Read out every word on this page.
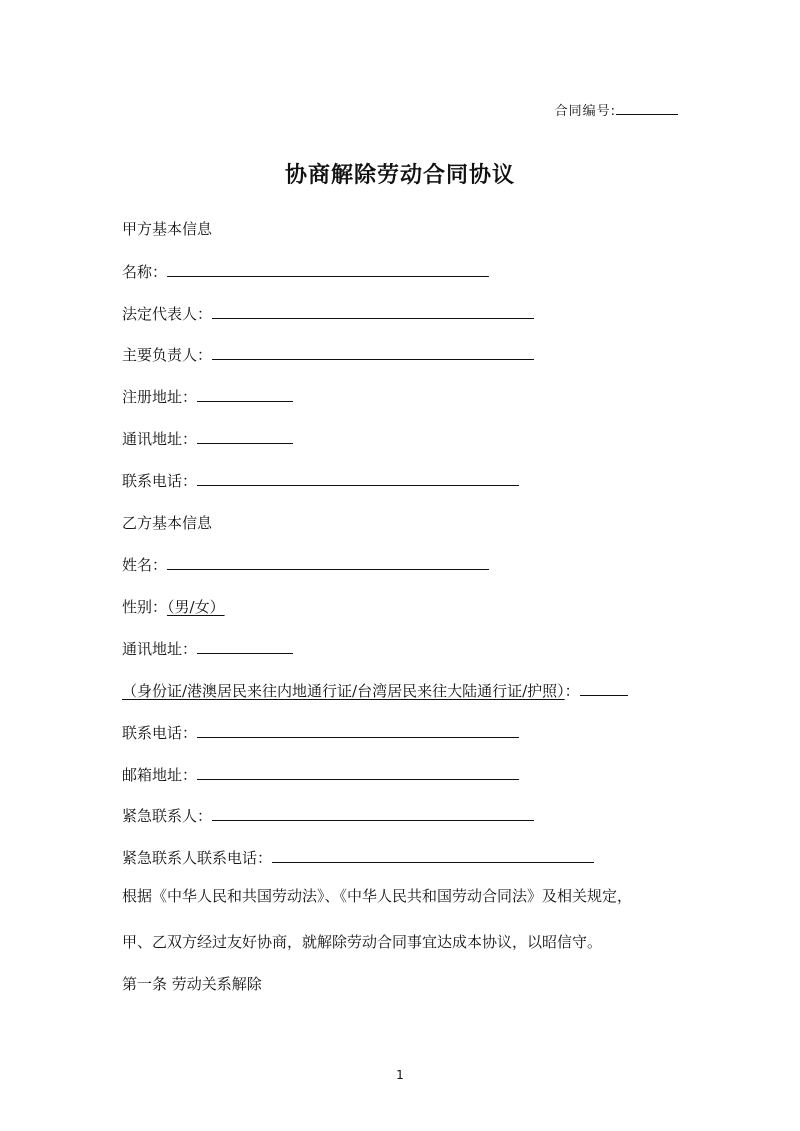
合同编号:
协商解除劳动合同协议
甲方基本信息
名称：
法定代表人：
主要负责人：
注册地址：
通讯地址：
联系电话：
乙方基本信息
姓名：
性别：（男/女）
通讯地址：
（身份证/港澳居民来往内地通行证/台湾居民来往大陆通行证/护照）：
联系电话：
邮箱地址：
紧急联系人：
紧急联系人联系电话：
根据《中华人民和共国劳动法》、《中华人民共和国劳动合同法》及相关规定，
甲、乙双方经过友好协商，就解除劳动合同事宜达成本协议，以昭信守。
第一条 劳动关系解除
1
